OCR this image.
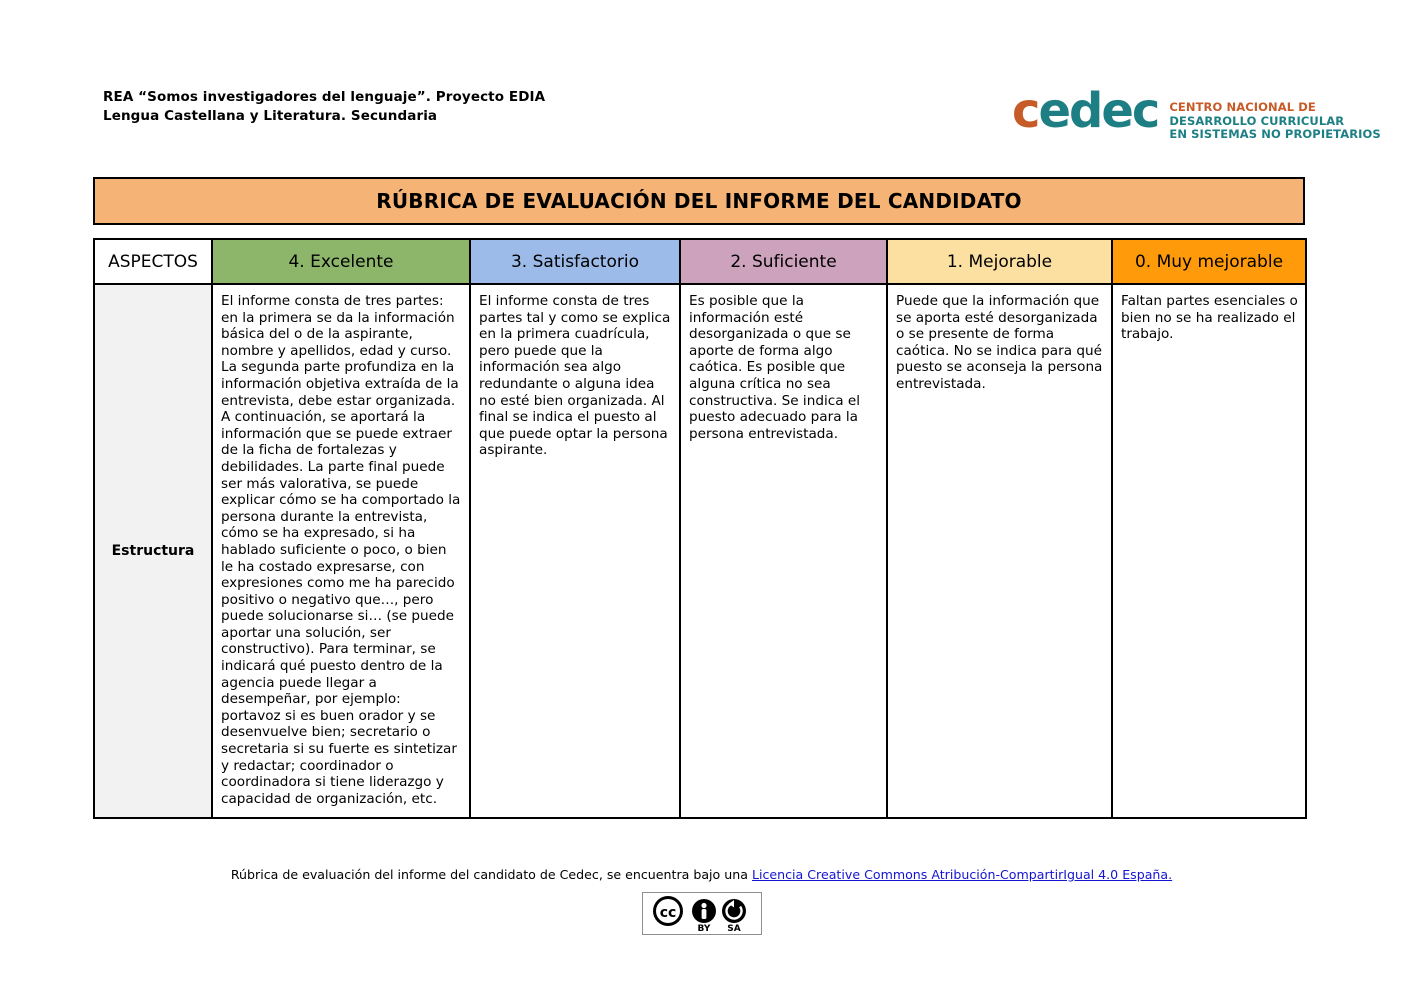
REA “Somos investigadores del lenguaje”. Proyecto EDIA
Lengua Castellana y Literatura. Secundaria	cedec CENTRO NACIONAL DE
DESARROLLO CURRICULAR
EN SISTEMAS NO PROPIETARIOS
RÚBRICA DE EVALUACIÓN DEL INFORME DEL CANDIDATO
ASPECTOS	4. Excelente	3. Satisfactorio	2. Suficiente	1. Mejorable	0. Muy mejorable
Estructura	El informe consta de tres partes: en la primera se da la información básica del o de la aspirante, nombre y apellidos, edad y curso. La segunda parte profundiza en la información objetiva extraída de la entrevista, debe estar organizada. A continuación, se aportará la información que se puede extraer de la ficha de fortalezas y debilidades. La parte final puede ser más valorativa, se puede explicar cómo se ha comportado la persona durante la entrevista, cómo se ha expresado, si ha hablado suficiente o poco, o bien le ha costado expresarse, con expresiones como me ha parecido positivo o negativo que…, pero puede solucionarse si… (se puede aportar una solución, ser constructivo). Para terminar, se indicará qué puesto dentro de la agencia puede llegar a desempeñar, por ejemplo: portavoz si es buen orador y se desenvuelve bien; secretario o secretaria si su fuerte es sintetizar y redactar; coordinador o coordinadora si tiene liderazgo y capacidad de organización, etc.	El informe consta de tres partes tal y como se explica en la primera cuadrícula, pero puede que la información sea algo redundante o alguna idea no esté bien organizada. Al final se indica el puesto al que puede optar la persona aspirante.	Es posible que la información esté desorganizada o que se aporte de forma algo caótica. Es posible que alguna crítica no sea constructiva. Se indica el puesto adecuado para la persona entrevistada.	Puede que la información que se aporta esté desorganizada o se presente de forma caótica. No se indica para qué puesto se aconseja la persona entrevistada.	Faltan partes esenciales o bien no se ha realizado el trabajo.
Rúbrica de evaluación del informe del candidato de Cedec, se encuentra bajo una Licencia Creative Commons Atribución-CompartirIgual 4.0 España.
cc
BY SA
